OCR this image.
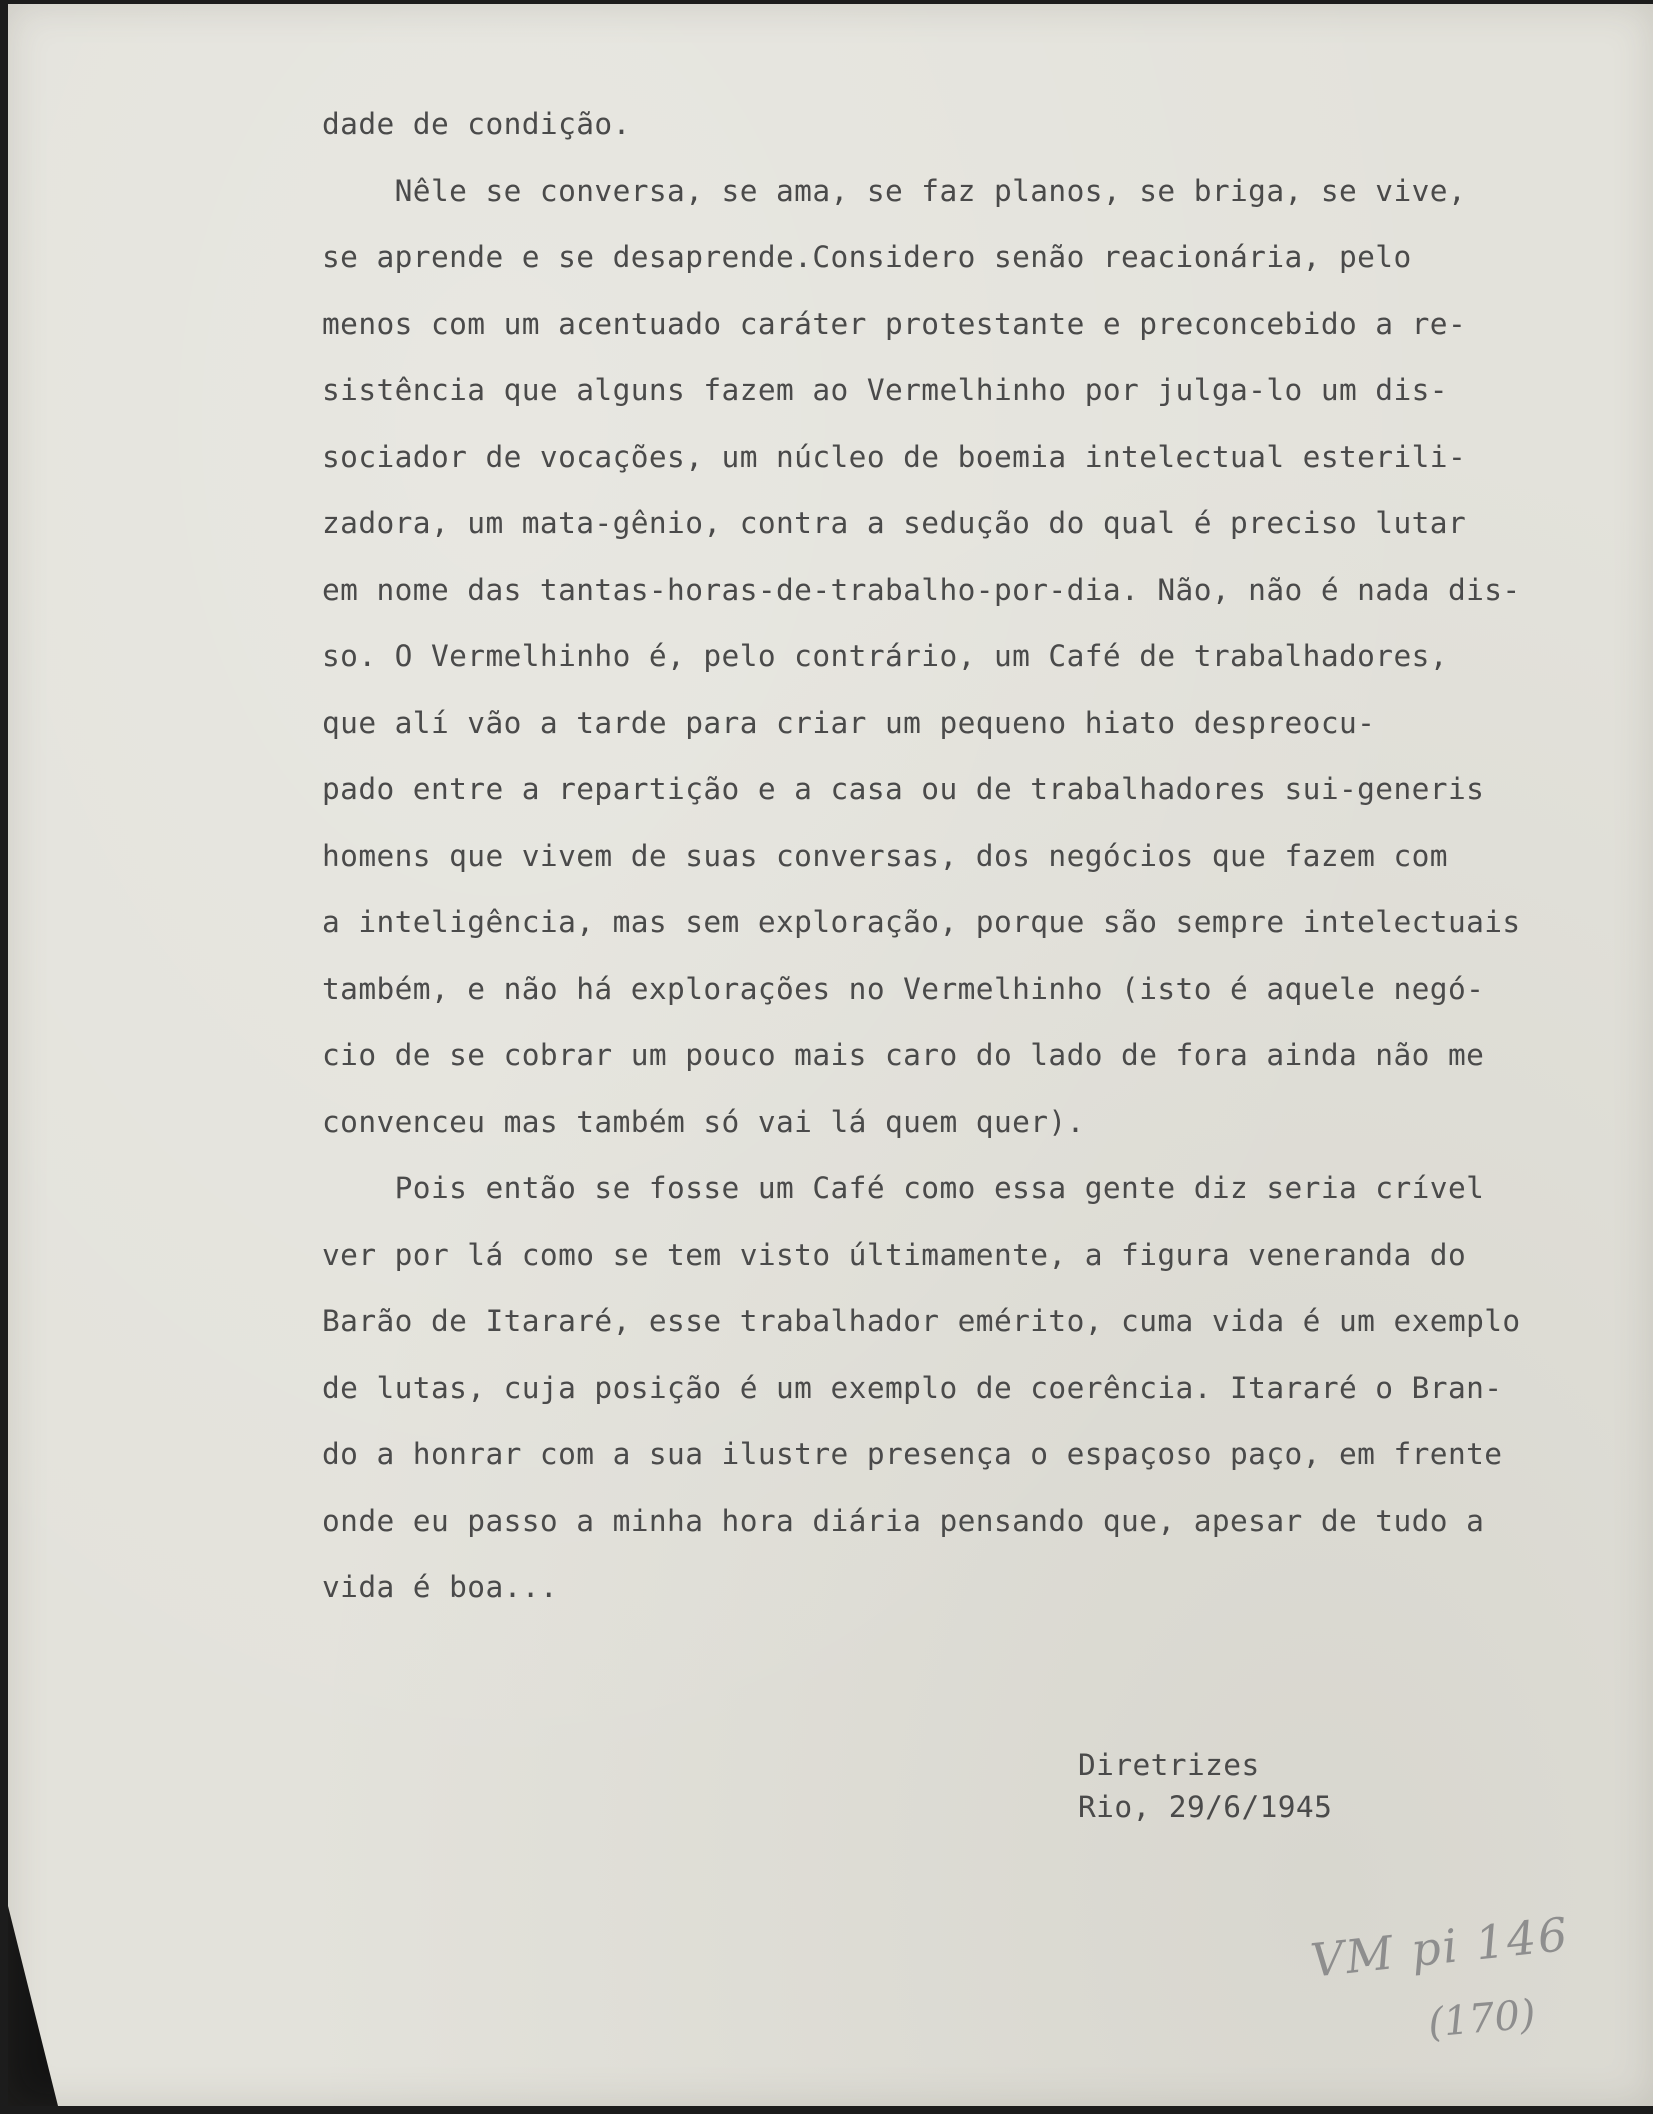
dade de condição.
Nêle se conversa, se ama, se faz planos, se briga, se vive,
se aprende e se desaprende.Considero senão reacionária, pelo
menos com um acentuado caráter protestante e preconcebido a re-
sistência que alguns fazem ao Vermelhinho por julga-lo um dis-
sociador de vocações, um núcleo de boemia intelectual esterili-
zadora, um mata-gênio, contra a sedução do qual é preciso lutar
em nome das tantas-horas-de-trabalho-por-dia. Não, não é nada dis-
so. O Vermelhinho é, pelo contrário, um Café de trabalhadores,
que alí vão a tarde para criar um pequeno hiato despreocu-
pado entre a repartição e a casa ou de trabalhadores sui-generis
homens que vivem de suas conversas, dos negócios que fazem com
a inteligência, mas sem exploração, porque são sempre intelectuais
também, e não há explorações no Vermelhinho (isto é aquele negó-
cio de se cobrar um pouco mais caro do lado de fora ainda não me
convenceu mas também só vai lá quem quer).
Pois então se fosse um Café como essa gente diz seria crível
ver por lá como se tem visto últimamente, a figura veneranda do
Barão de Itararé, esse trabalhador emérito, cuma vida é um exemplo
de lutas, cuja posição é um exemplo de coerência. Itararé o Bran-
do a honrar com a sua ilustre presença o espaçoso paço, em frente
onde eu passo a minha hora diária pensando que, apesar de tudo a
vida é boa...
Diretrizes
Rio, 29/6/1945
VM pi 146
(170)
